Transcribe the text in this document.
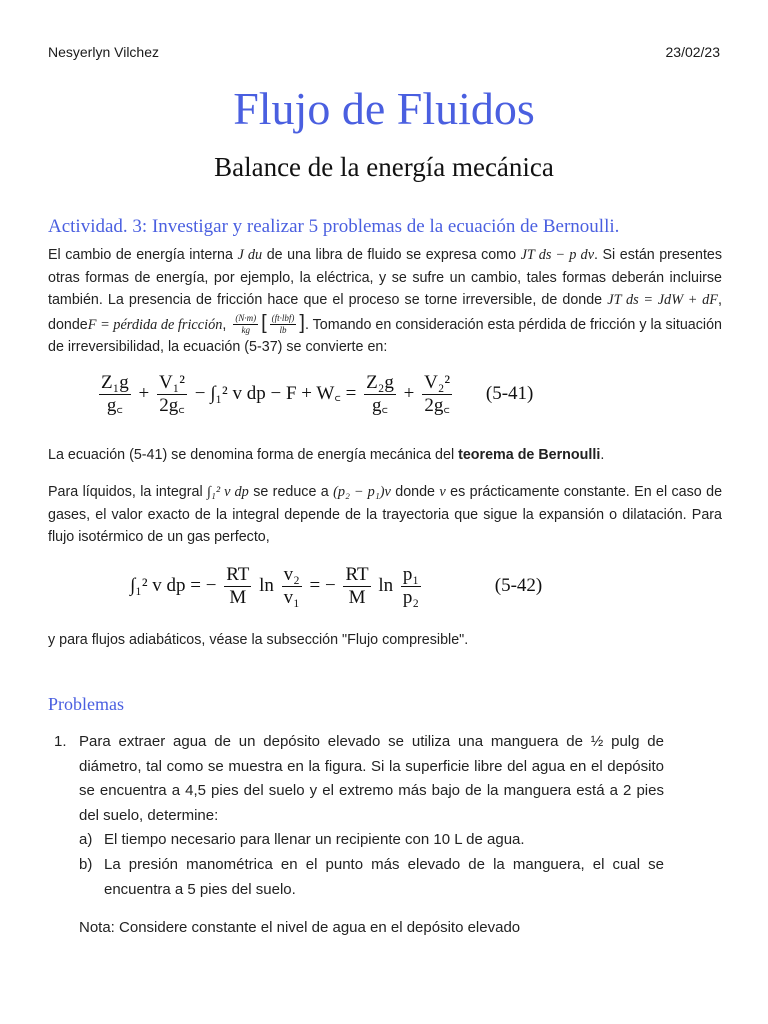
Nesyerlyn Vilchez	23/02/23
Flujo de Fluidos
Balance de la energía mecánica
Actividad. 3: Investigar y realizar 5 problemas de la ecuación de Bernoulli.
El cambio de energía interna J du de una libra de fluido se expresa como JT ds − p dv. Si están presentes otras formas de energía, por ejemplo, la eléctrica, y se sufre un cambio, tales formas deberán incluirse también. La presencia de fricción hace que el proceso se torne irreversible, de donde JT ds = JdW + dF, dondeF = pérdida de fricción, $\frac{(N\cdot m)}{kg}$ [ $\frac{\text{(ft·lbf)}}{lb}$ ]. Tomando en consideración esta pérdida de fricción y la situación de irreversibilidad, la ecuación (5-37) se convierte en:
$\frac{\text{Z₁g}}{g꜀} + \frac{\text{V₁²}}{2g꜀} - \int_1^2$ v dp − F + W꜀ = $\frac{\text{Z₂g}}{g꜀} + \frac{\text{V₂²}}{2g꜀} (5-41)$
La ecuación (5-41) se denomina forma de energía mecánica del teorema de Bernoulli.
Para líquidos, la integral ∫₁² v dp se reduce a (p₂ − p₁)v donde v es prácticamente constante. En el caso de gases, el valor exacto de la integral depende de la trayectoria que sigue la expansión o dilatación. Para flujo isotérmico de un gas perfecto,
∫₁² v dp = − $\frac{RT}{M}$ $\ln \frac{\text{v₂}}{\text{v₁}}$ = − $\frac{RT}{M}$ $\ln \frac{\text{p₁}}{\text{p₂}}$	(5-42)
y para flujos adiabáticos, véase la subsección "Flujo compresible".
Problemas
1. Para extraer agua de un depósito elevado se utiliza una manguera de ½ pulg de diámetro, tal como se muestra en la figura. Si la superficie libre del agua en el depósito se encuentra a 4,5 pies del suelo y el extremo más bajo de la manguera está a 2 pies del suelo, determine:
a) El tiempo necesario para llenar un recipiente con 10 L de agua.
b) La presión manométrica en el punto más elevado de la manguera, el cual se encuentra a 5 pies del suelo.
Nota: Considere constante el nivel de agua en el depósito elevado
